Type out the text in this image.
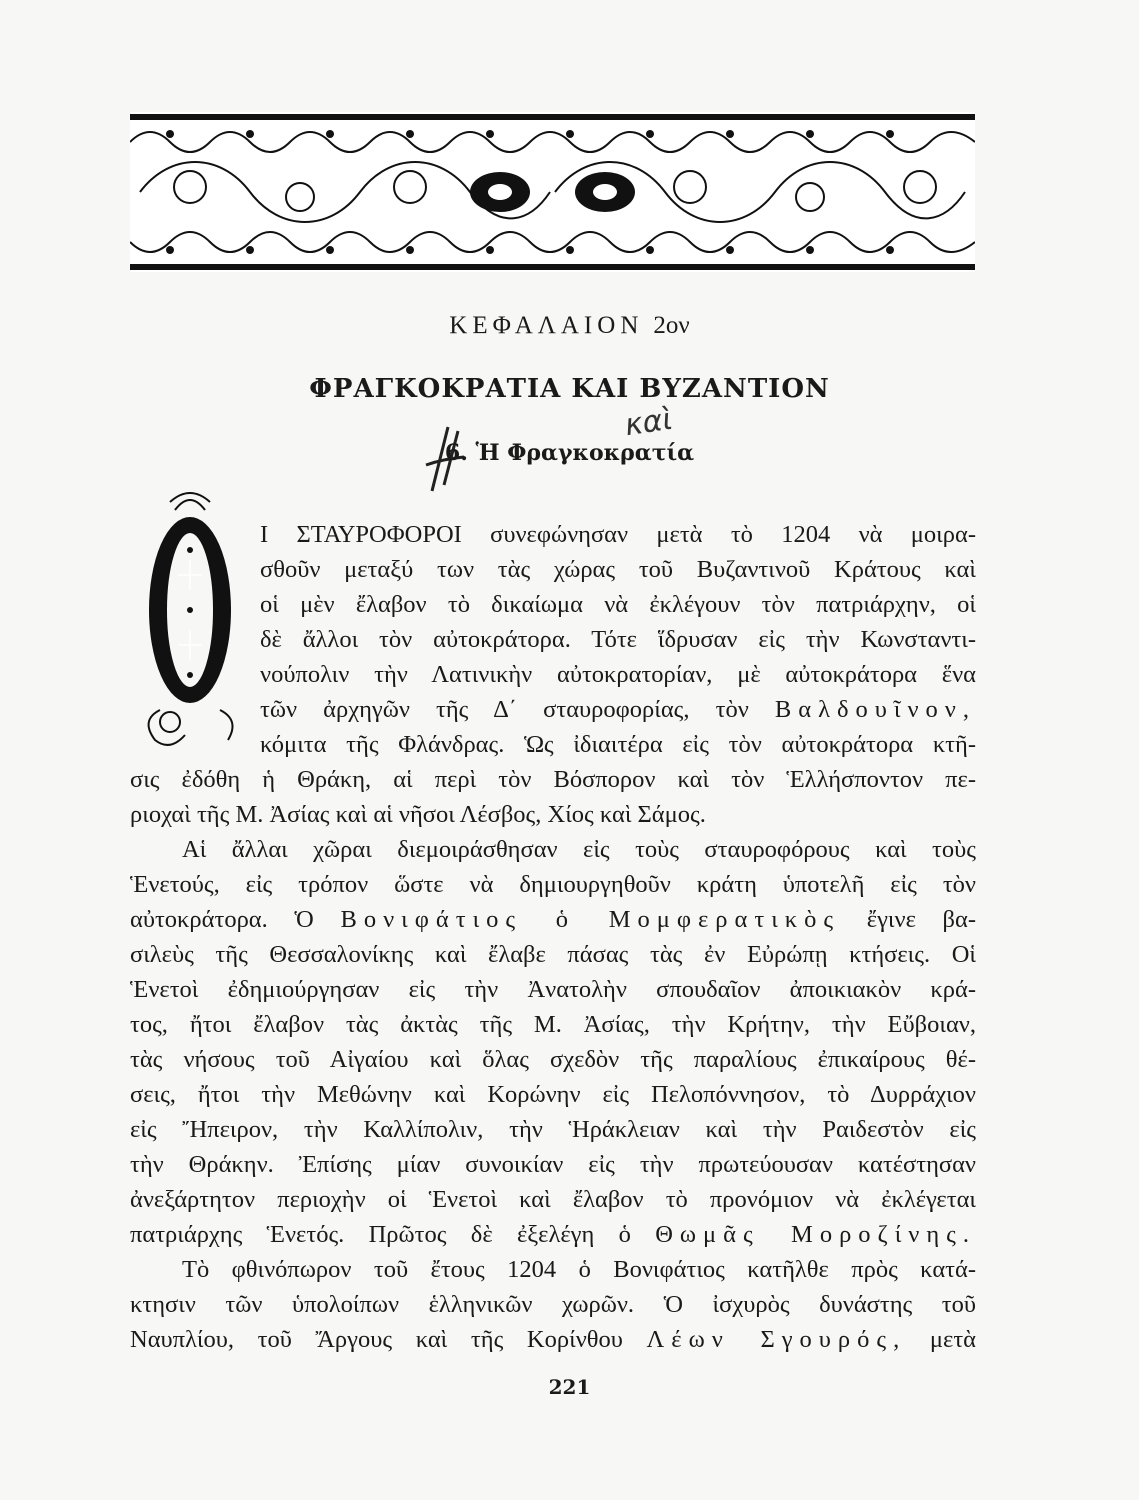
ΚΕΦΑΛΑΙΟΝ 2ον
ΦΡΑΓΚΟΚΡΑΤΙΑ ΚΑΙ ΒΥΖΑΝΤΙΟΝ
καὶ
6. Ἡ Φραγκοκρατία
Ι ΣΤΑΥΡΟΦΟΡΟΙ συνεφώνησαν μετὰ τὸ 1204 νὰ μοιρα-
σθοῦν μεταξύ των τὰς χώρας τοῦ Βυζαντινοῦ Κράτους καὶ
οἱ μὲν ἔλαβον τὸ δικαίωμα νὰ ἐκλέγουν τὸν πατριάρχην, οἱ
δὲ ἄλλοι τὸν αὐτοκράτορα. Τότε ἵδρυσαν εἰς τὴν Κωνσταντι-
νούπολιν τὴν Λατινικὴν αὐτοκρατορίαν, μὲ αὐτοκράτορα ἕνα
τῶν ἀρχηγῶν τῆς Δ΄ σταυροφορίας, τὸν Βαλδουῖνον,
κόμιτα τῆς Φλάνδρας. Ὡς ἰδιαιτέρα εἰς τὸν αὐτοκράτορα κτῆ-
σις ἐδόθη ἡ Θράκη, αἱ περὶ τὸν Βόσπορον καὶ τὸν Ἑλλήσποντον πε-
ριοχαὶ τῆς Μ. Ἀσίας καὶ αἱ νῆσοι Λέσβος, Χίος καὶ Σάμος.
Αἱ ἄλλαι χῶραι διεμοιράσθησαν εἰς τοὺς σταυροφόρους καὶ τοὺς
Ἑνετούς, εἰς τρόπον ὥστε νὰ δημιουργηθοῦν κράτη ὑποτελῆ εἰς τὸν
αὐτοκράτορα. Ὁ Βονιφάτιος ὁ Μομφερατικὸς ἔγινε βα-
σιλεὺς τῆς Θεσσαλονίκης καὶ ἔλαβε πάσας τὰς ἐν Εὐρώπῃ κτήσεις. Οἱ
Ἑνετοὶ ἐδημιούργησαν εἰς τὴν Ἀνατολὴν σπουδαῖον ἀποικιακὸν κρά-
τος, ἤτοι ἔλαβον τὰς ἀκτὰς τῆς Μ. Ἀσίας, τὴν Κρήτην, τὴν Εὔβοιαν,
τὰς νήσους τοῦ Αἰγαίου καὶ ὅλας σχεδὸν τῆς παραλίους ἐπικαίρους θέ-
σεις, ἤτοι τὴν Μεθώνην καὶ Κορώνην εἰς Πελοπόννησον, τὸ Δυρράχιον
εἰς Ἤπειρον, τὴν Καλλίπολιν, τὴν Ἡράκλειαν καὶ τὴν Ραιδεστὸν εἰς
τὴν Θράκην. Ἐπίσης μίαν συνοικίαν εἰς τὴν πρωτεύουσαν κατέστησαν
ἀνεξάρτητον περιοχὴν οἱ Ἑνετοὶ καὶ ἔλαβον τὸ προνόμιον νὰ ἐκλέγεται
πατριάρχης Ἑνετός. Πρῶτος δὲ ἐξελέγη ὁ Θωμᾶς Μοροζίνης.
Τὸ φθινόπωρον τοῦ ἔτους 1204 ὁ Βονιφάτιος κατῆλθε πρὸς κατά-
κτησιν τῶν ὑπολοίπων ἑλληνικῶν χωρῶν. Ὁ ἰσχυρὸς δυνάστης τοῦ
Ναυπλίου, τοῦ Ἄργους καὶ τῆς Κορίνθου Λέων Σγουρός, μετὰ
221
